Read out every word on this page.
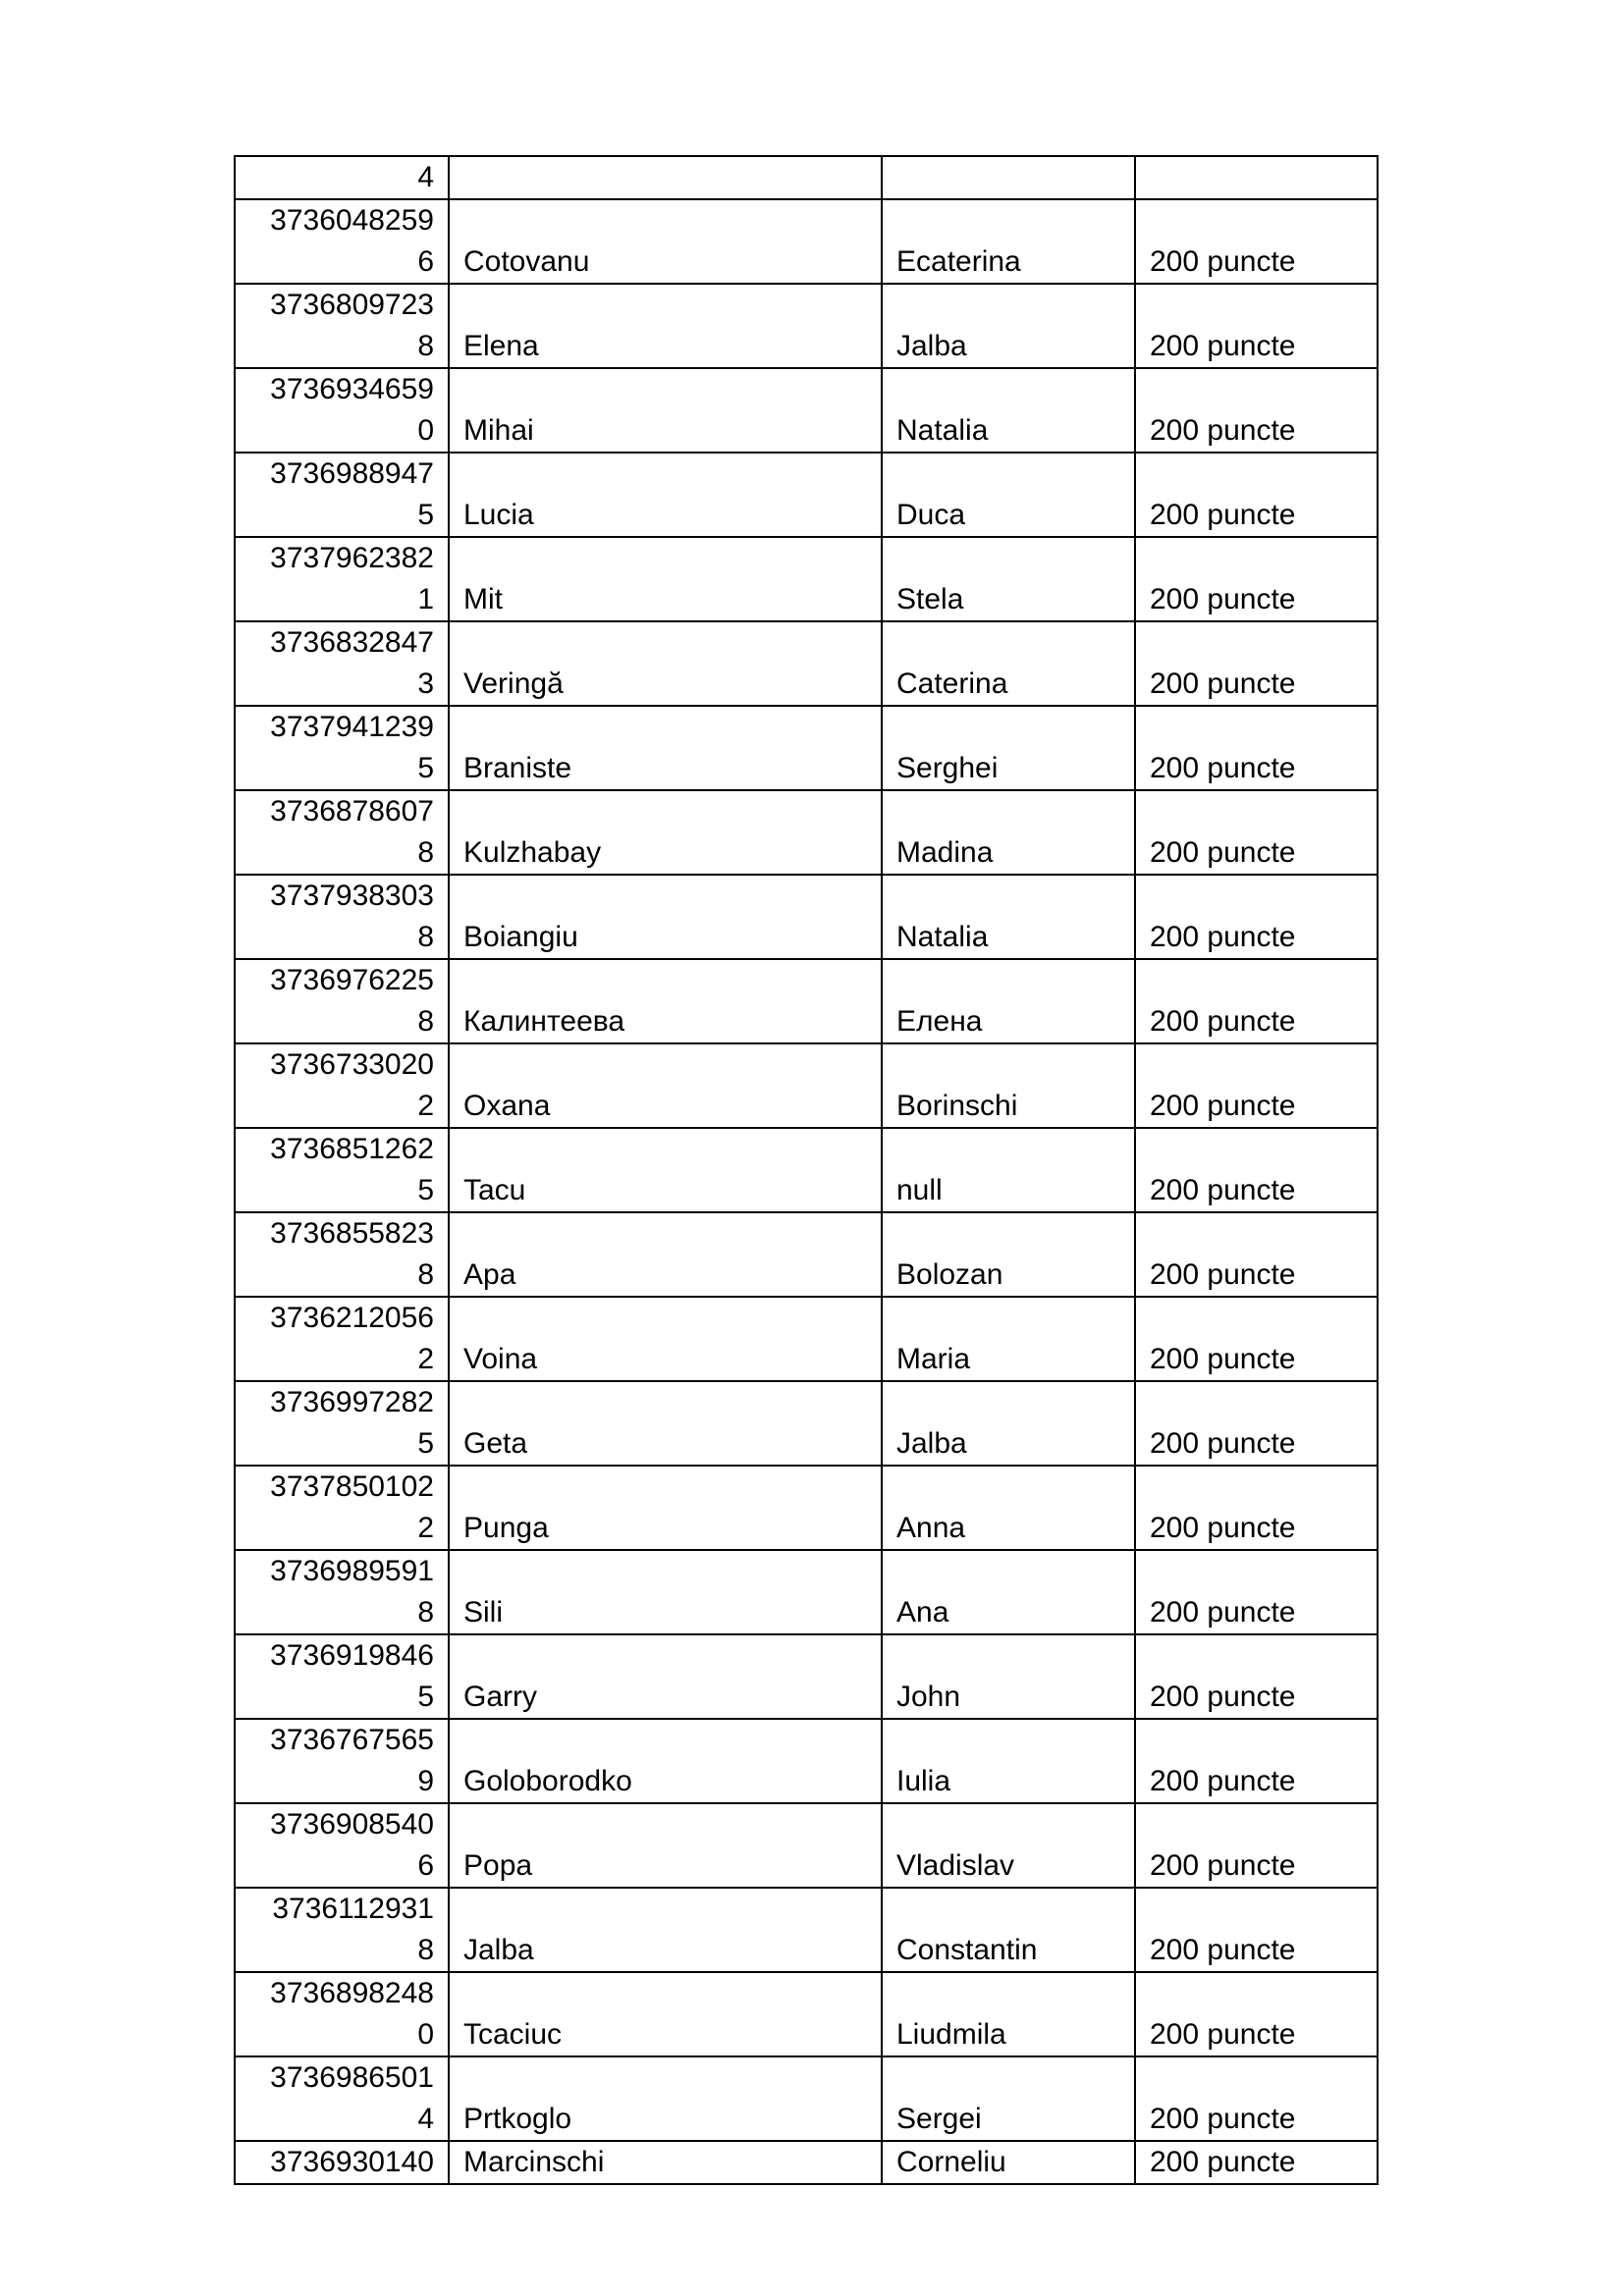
4			

3736048259
6	Cotovanu	Ecaterina	200 puncte

3736809723
8	Elena	Jalba	200 puncte

3736934659
0	Mihai	Natalia	200 puncte

3736988947
5	Lucia	Duca	200 puncte

3737962382
1	Mit	Stela	200 puncte

3736832847
3	Veringă	Caterina	200 puncte

3737941239
5	Braniste	Serghei	200 puncte

3736878607
8	Kulzhabay	Madina	200 puncte

3737938303
8	Boiangiu	Natalia	200 puncte

3736976225
8	Калинтеева	Елена	200 puncte

3736733020
2	Oxana	Borinschi	200 puncte

3736851262
5	Tacu	null	200 puncte

3736855823
8	Apa	Bolozan	200 puncte

3736212056
2	Voina	Maria	200 puncte

3736997282
5	Geta	Jalba	200 puncte

3737850102
2	Punga	Anna	200 puncte

3736989591
8	Sili	Ana	200 puncte

3736919846
5	Garry	John	200 puncte

3736767565
9	Goloborodko	Iulia	200 puncte

3736908540
6	Popa	Vladislav	200 puncte

3736112931
8	Jalba	Constantin	200 puncte

3736898248
0	Tcaciuc	Liudmila	200 puncte

3736986501
4	Prtkoglo	Sergei	200 puncte

3736930140	Marcinschi	Corneliu	200 puncte
